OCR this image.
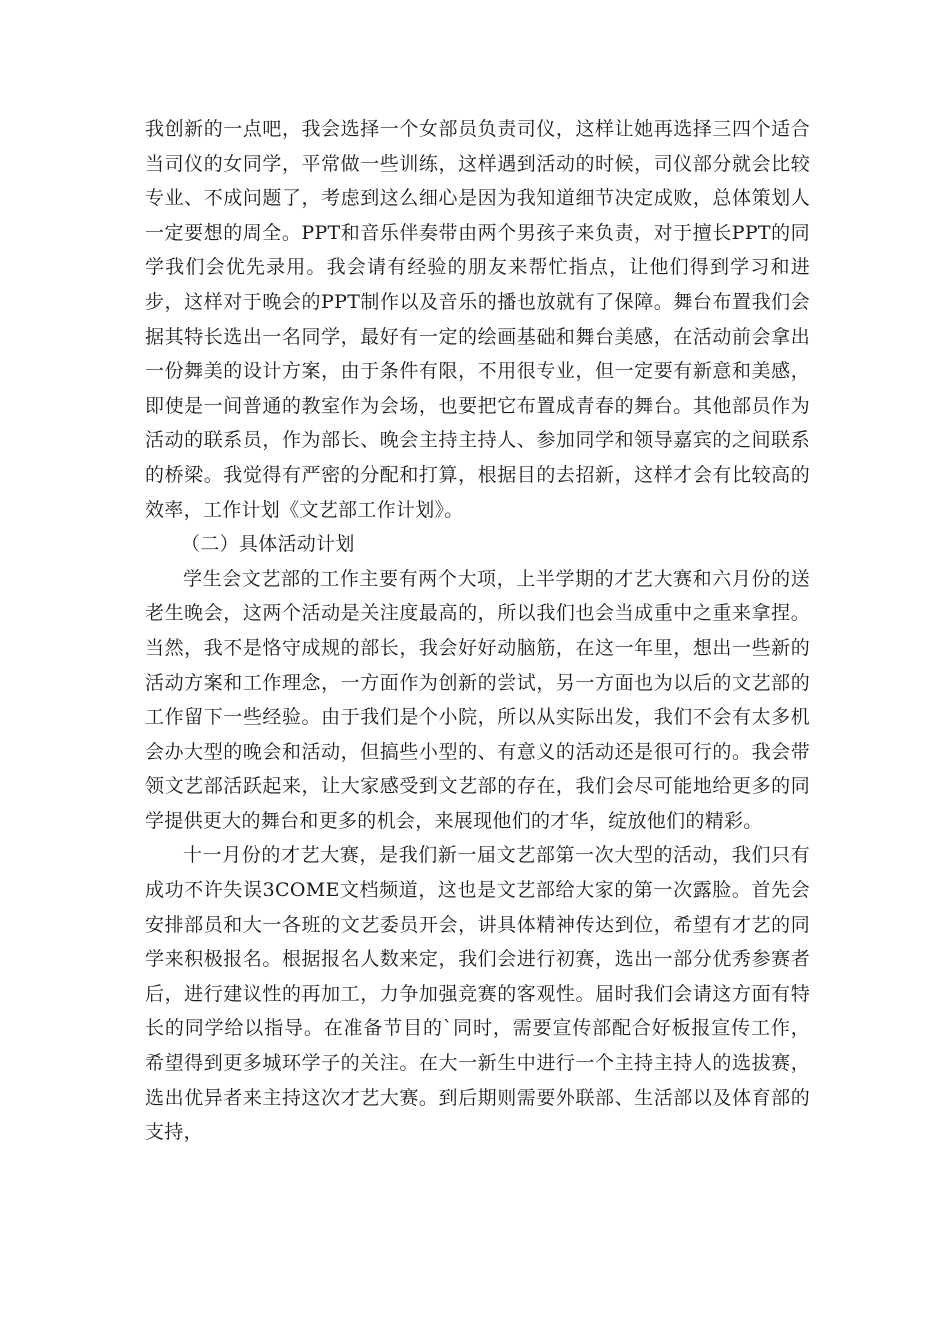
我创新的一点吧，我会选择一个女部员负责司仪，这样让她再选择三四个适合当司仪的女同学，平常做一些训练，这样遇到活动的时候，司仪部分就会比较专业、不成问题了，考虑到这么细心是因为我知道细节决定成败，总体策划人一定要想的周全。PPT和音乐伴奏带由两个男孩子来负责，对于擅长PPT的同学我们会优先录用。我会请有经验的朋友来帮忙指点，让他们得到学习和进步，这样对于晚会的PPT制作以及音乐的播也放就有了保障。舞台布置我们会据其特长选出一名同学，最好有一定的绘画基础和舞台美感，在活动前会拿出一份舞美的设计方案，由于条件有限，不用很专业，但一定要有新意和美感，即使是一间普通的教室作为会场，也要把它布置成青春的舞台。其他部员作为活动的联系员，作为部长、晚会主持主持人、参加同学和领导嘉宾的之间联系的桥梁。我觉得有严密的分配和打算，根据目的去招新，这样才会有比较高的效率，工作计划《文艺部工作计划》。

（二）具体活动计划

学生会文艺部的工作主要有两个大项，上半学期的才艺大赛和六月份的送老生晚会，这两个活动是关注度最高的，所以我们也会当成重中之重来拿捏。当然，我不是恪守成规的部长，我会好好动脑筋，在这一年里，想出一些新的活动方案和工作理念，一方面作为创新的尝试，另一方面也为以后的文艺部的工作留下一些经验。由于我们是个小院，所以从实际出发，我们不会有太多机会办大型的晚会和活动，但搞些小型的、有意义的活动还是很可行的。我会带领文艺部活跃起来，让大家感受到文艺部的存在，我们会尽可能地给更多的同学提供更大的舞台和更多的机会，来展现他们的才华，绽放他们的精彩。

十一月份的才艺大赛，是我们新一届文艺部第一次大型的活动，我们只有成功不许失误3COME文档频道，这也是文艺部给大家的第一次露脸。首先会安排部员和大一各班的文艺委员开会，讲具体精神传达到位，希望有才艺的同学来积极报名。根据报名人数来定，我们会进行初赛，选出一部分优秀参赛者后，进行建议性的再加工，力争加强竞赛的客观性。届时我们会请这方面有特长的同学给以指导。在准备节目的`同时，需要宣传部配合好板报宣传工作，希望得到更多城环学子的关注。在大一新生中进行一个主持主持人的选拔赛，选出优异者来主持这次才艺大赛。到后期则需要外联部、生活部以及体育部的支持，
